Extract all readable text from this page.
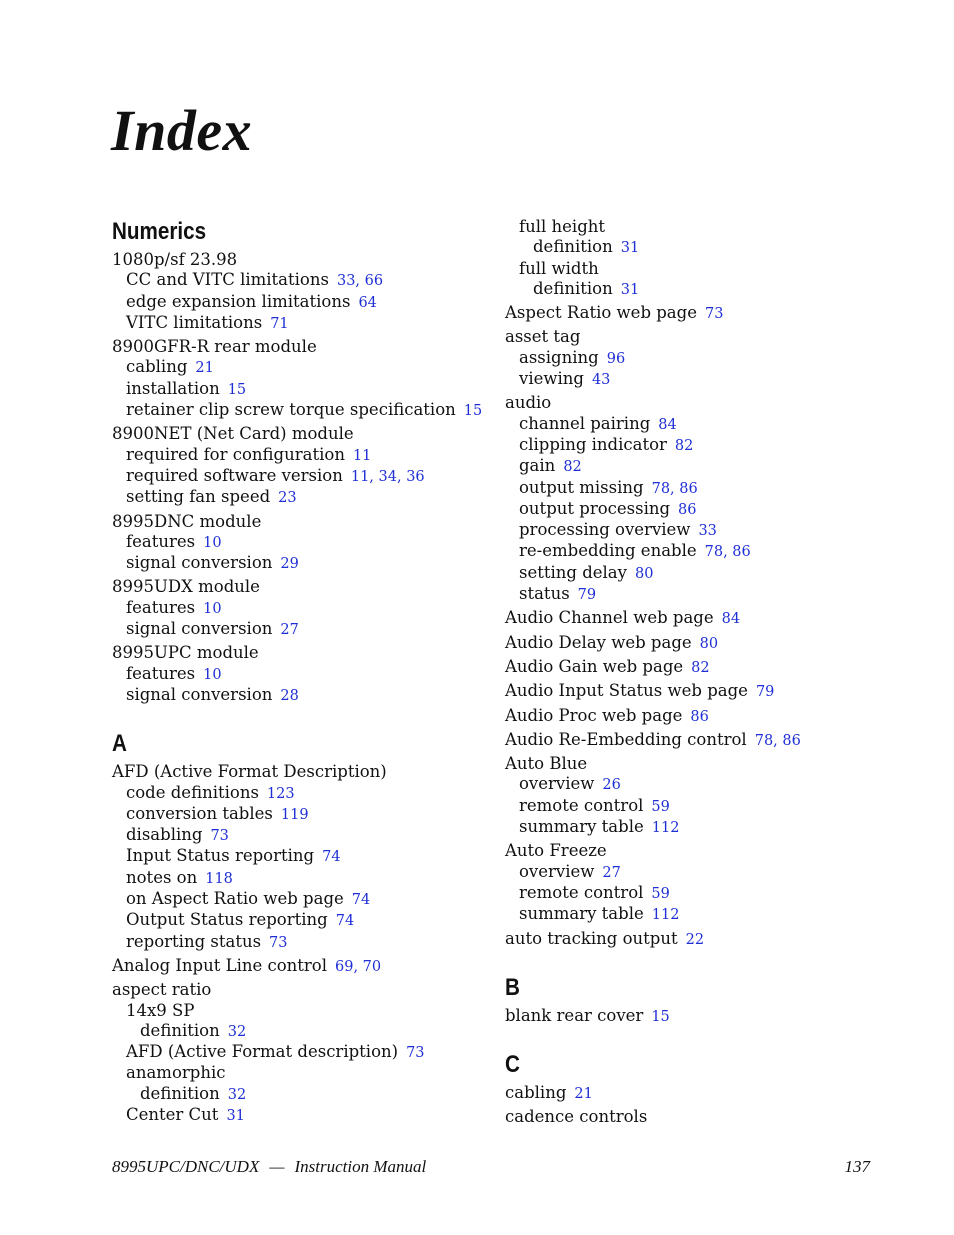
Index
Numerics
1080p/sf 23.98
CC and VITC limitations 33, 66
edge expansion limitations 64
VITC limitations 71
8900GFR-R rear module
cabling 21
installation 15
retainer clip screw torque specification 15
8900NET (Net Card) module
required for configuration 11
required software version 11, 34, 36
setting fan speed 23
8995DNC module
features 10
signal conversion 29
8995UDX module
features 10
signal conversion 27
8995UPC module
features 10
signal conversion 28
A
AFD (Active Format Description)
code definitions 123
conversion tables 119
disabling 73
Input Status reporting 74
notes on 118
on Aspect Ratio web page 74
Output Status reporting 74
reporting status 73
Analog Input Line control 69, 70
aspect ratio
14x9 SP
definition 32
AFD (Active Format description) 73
anamorphic
definition 32
Center Cut 31
full height
definition 31
full width
definition 31
Aspect Ratio web page 73
asset tag
assigning 96
viewing 43
audio
channel pairing 84
clipping indicator 82
gain 82
output missing 78, 86
output processing 86
processing overview 33
re-embedding enable 78, 86
setting delay 80
status 79
Audio Channel web page 84
Audio Delay web page 80
Audio Gain web page 82
Audio Input Status web page 79
Audio Proc web page 86
Audio Re-Embedding control 78, 86
Auto Blue
overview 26
remote control 59
summary table 112
Auto Freeze
overview 27
remote control 59
summary table 112
auto tracking output 22
B
blank rear cover 15
C
cabling 21
cadence controls
8995UPC/DNC/UDX — Instruction Manual	137
